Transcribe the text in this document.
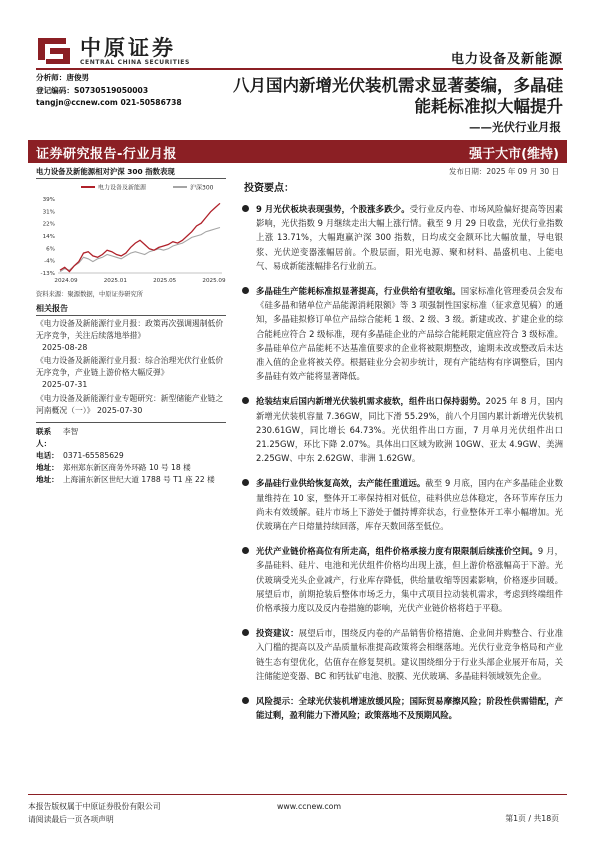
中原证券
CENTRAL CHINA SECURITIES	电力设备及新能源
分析师：唐俊男
登记编码：S0730519050003
tangjn@ccnew.com 021-50586738
八月国内新增光伏装机需求显著萎编，多晶硅能耗标准拟大幅提升
——光伏行业月报
证券研究报告-行业月报	强于大市(维持)
发布日期：2025 年 09 月 30 日
电力设备及新能源相对沪深 300 指数表现
电力设备及新能源	沪深300
39%
31%
22%
14%
6%
-4%
-13%
2024.09	2025.01	2025.05	2025.09
资料来源：聚源数据，中原证券研究所
相关报告
《电力设备及新能源行业月报：政策再次强调遏制低价无序竞争，关注后续落地举措》
2025-08-28
《电力设备及新能源行业月报：综合治理光伏行业低价无序竞争，产业链上游价格大幅反弹》
2025-07-31
《电力设备及新能源行业专题研究：新型储能产业链之河南概况（一）》 2025-07-30
联系人：
李智
电话： 0371-65585629
地址： 郑州郑东新区商务外环路 10 号 18 楼
地址： 上海浦东新区世纪大道 1788 号 T1 座 22 楼
投资要点：
9 月光伏板块表现强势，个股涨多跌少。受行业反内卷、市场风险偏好提高等因素影响，光伏指数 9 月继续走出大幅上涨行情。截至 9 月 29 日收盘，光伏行业指数上涨 13.71%，大幅跑赢沪深 300 指数，日均成交金额环比大幅放量，导电银浆、光伏逆变器涨幅居前。个股层面，阳光电源、聚和材料、晶盛机电、上能电气、易成新能涨幅排名行业前五。
多晶硅生产能耗标准拟显著提高，行业供给有望收缩。国家标准化管理委员会发布《硅多晶和锗单位产品能源消耗限额》等 3 项强制性国家标准（征求意见稿）的通知，多晶硅拟修订单位产品综合能耗 1 级、2 级、3 级。新建或改、扩建企业的综合能耗应符合 2 级标准，现有多晶硅企业的产品综合能耗限定值应符合 3 级标准。多晶硅单位产品能耗不达基准值要求的企业将被限期整改，逾期未改或整改后未达准入值的企业将被关停。根据硅业分会初步统计，现有产能结构有序调整后，国内多晶硅有效产能将显著降低。
抢装结束后国内新增光伏装机需求疲软，组件出口保持弱势。2025 年 8 月，国内新增光伏装机容量 7.36GW，同比下滑 55.29%，前八个月国内累计新增光伏装机 230.61GW，同比增长 64.73%。光伏组件出口方面，7 月单月光伏组件出口 21.25GW，环比下降 2.07%。具体出口区域为欧洲 10GW、亚太 4.9GW、美洲 2.25GW、中东 2.62GW、非洲 1.62GW。
多晶硅行业供给恢复高效，去产能任重道远。截至 9 月底，国内在产多晶硅企业数量维持在 10 家，整体开工率保持相对低位，硅料供应总体稳定，各环节库存压力尚未有效缓解。硅片市场上下游处于僵持博弈状态，行业整体开工率小幅增加。光伏玻璃在产日熔量持续回落，库存天数回落至低位。
光伏产业链价格高位有所走高，组件价格承接力度有限限制后续涨价空间。9 月，多晶硅料、硅片、电池和光伏组件价格均出现上涨，但上游价格涨幅高于下游。光伏玻璃受光头企业减产，行业库存降低，供给量收缩等因素影响，价格逐步回暖。展望后市，前期抢装后整体市场乏力，集中式项目拉动装机需求，考虑到终端组件价格承接力度以及反内卷措施的影响，光伏产业链价格将趋于平稳。
投资建议：展望后市，围绕反内卷的产品销售价格措施、企业间并购整合、行业准入门槛的提高以及产品质量标准提高政策将会相继落地。光伏行业竞争格局和产业链生态有望优化，估值存在修复契机。建议围绕细分于行业头部企业展开布局，关注储能逆变器、BC 和钙钛矿电池、胶膜、光伏玻璃、多晶硅料领域领先企业。
风险提示：全球光伏装机增速放缓风险；国际贸易摩擦风险；阶段性供需错配，产能过剩，盈利能力下滑风险；政策落地不及预期风险。
本报告版权属于中原证券股份有限公司	www.ccnew.com
请阅读最后一页各项声明	第1页 / 共18页
